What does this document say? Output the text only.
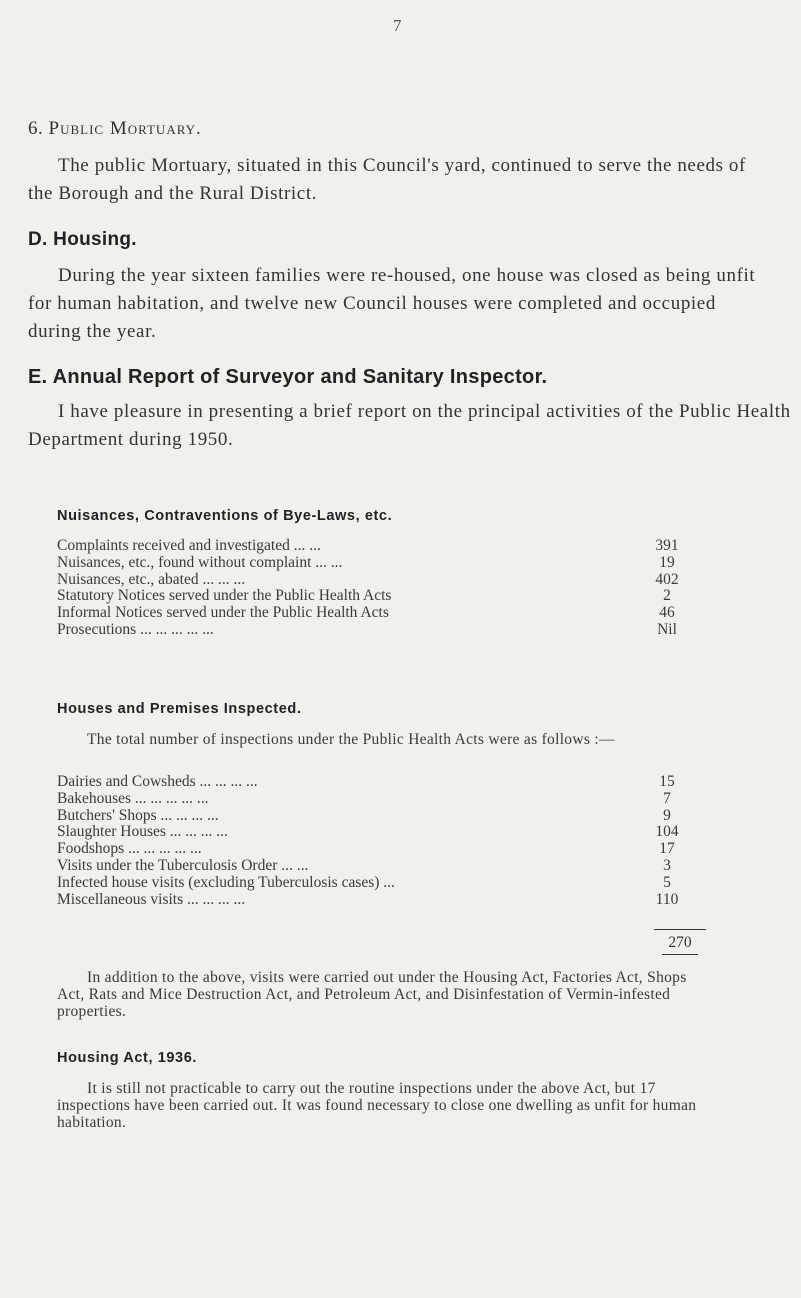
7
6. Public Mortuary.
The public Mortuary, situated in this Council's yard, continued to serve the needs of the Borough and the Rural District.
D. Housing.
During the year sixteen families were re-housed, one house was closed as being unfit for human habitation, and twelve new Council houses were completed and occupied during the year.
E. Annual Report of Surveyor and Sanitary Inspector.
I have pleasure in presenting a brief report on the principal activities of the Public Health Department during 1950.
Nuisances, Contraventions of Bye-Laws, etc.
Complaints received and investigated ... ...	391
Nuisances, etc., found without complaint ... ...	19
Nuisances, etc., abated ... ... ...	402
Statutory Notices served under the Public Health Acts	2
Informal Notices served under the Public Health Acts	46
Prosecutions ... ... ... ... ...	Nil
Houses and Premises Inspected.
The total number of inspections under the Public Health Acts were as follows :—
Dairies and Cowsheds ... ... ... ...	15
Bakehouses ... ... ... ... ...	7
Butchers' Shops ... ... ... ...	9
Slaughter Houses ... ... ... ...	104
Foodshops ... ... ... ... ...	17
Visits under the Tuberculosis Order ... ...	3
Infected house visits (excluding Tuberculosis cases) ...	5
Miscellaneous visits ... ... ... ...	110
270
In addition to the above, visits were carried out under the Housing Act, Factories Act, Shops Act, Rats and Mice Destruction Act, and Petroleum Act, and Disinfestation of Vermin-infested properties.
Housing Act, 1936.
It is still not practicable to carry out the routine inspections under the above Act, but 17 inspections have been carried out. It was found necessary to close one dwelling as unfit for human habitation.
